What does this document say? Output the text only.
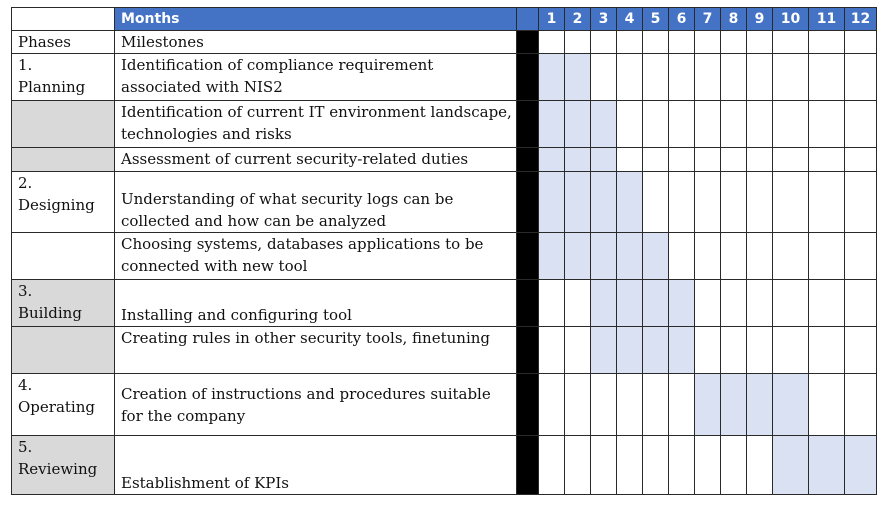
	Months		1	2	3	4	5	6	7	8	9	10	11	12
Phases	Milestones													
1.
Planning	Identification of compliance requirement associated with NIS2													
	Identification of current IT environment landscape, technologies and risks													
	Assessment of current security-related duties													
2.
Designing	Understanding of what security logs can be collected and how can be analyzed													
	Choosing systems, databases applications to be connected with new tool													
3.
Building	Installing and configuring tool													
	Creating rules in other security tools, finetuning													
4.
Operating	Creation of instructions and procedures suitable for the company													
5.
Reviewing	Establishment of KPIs													
